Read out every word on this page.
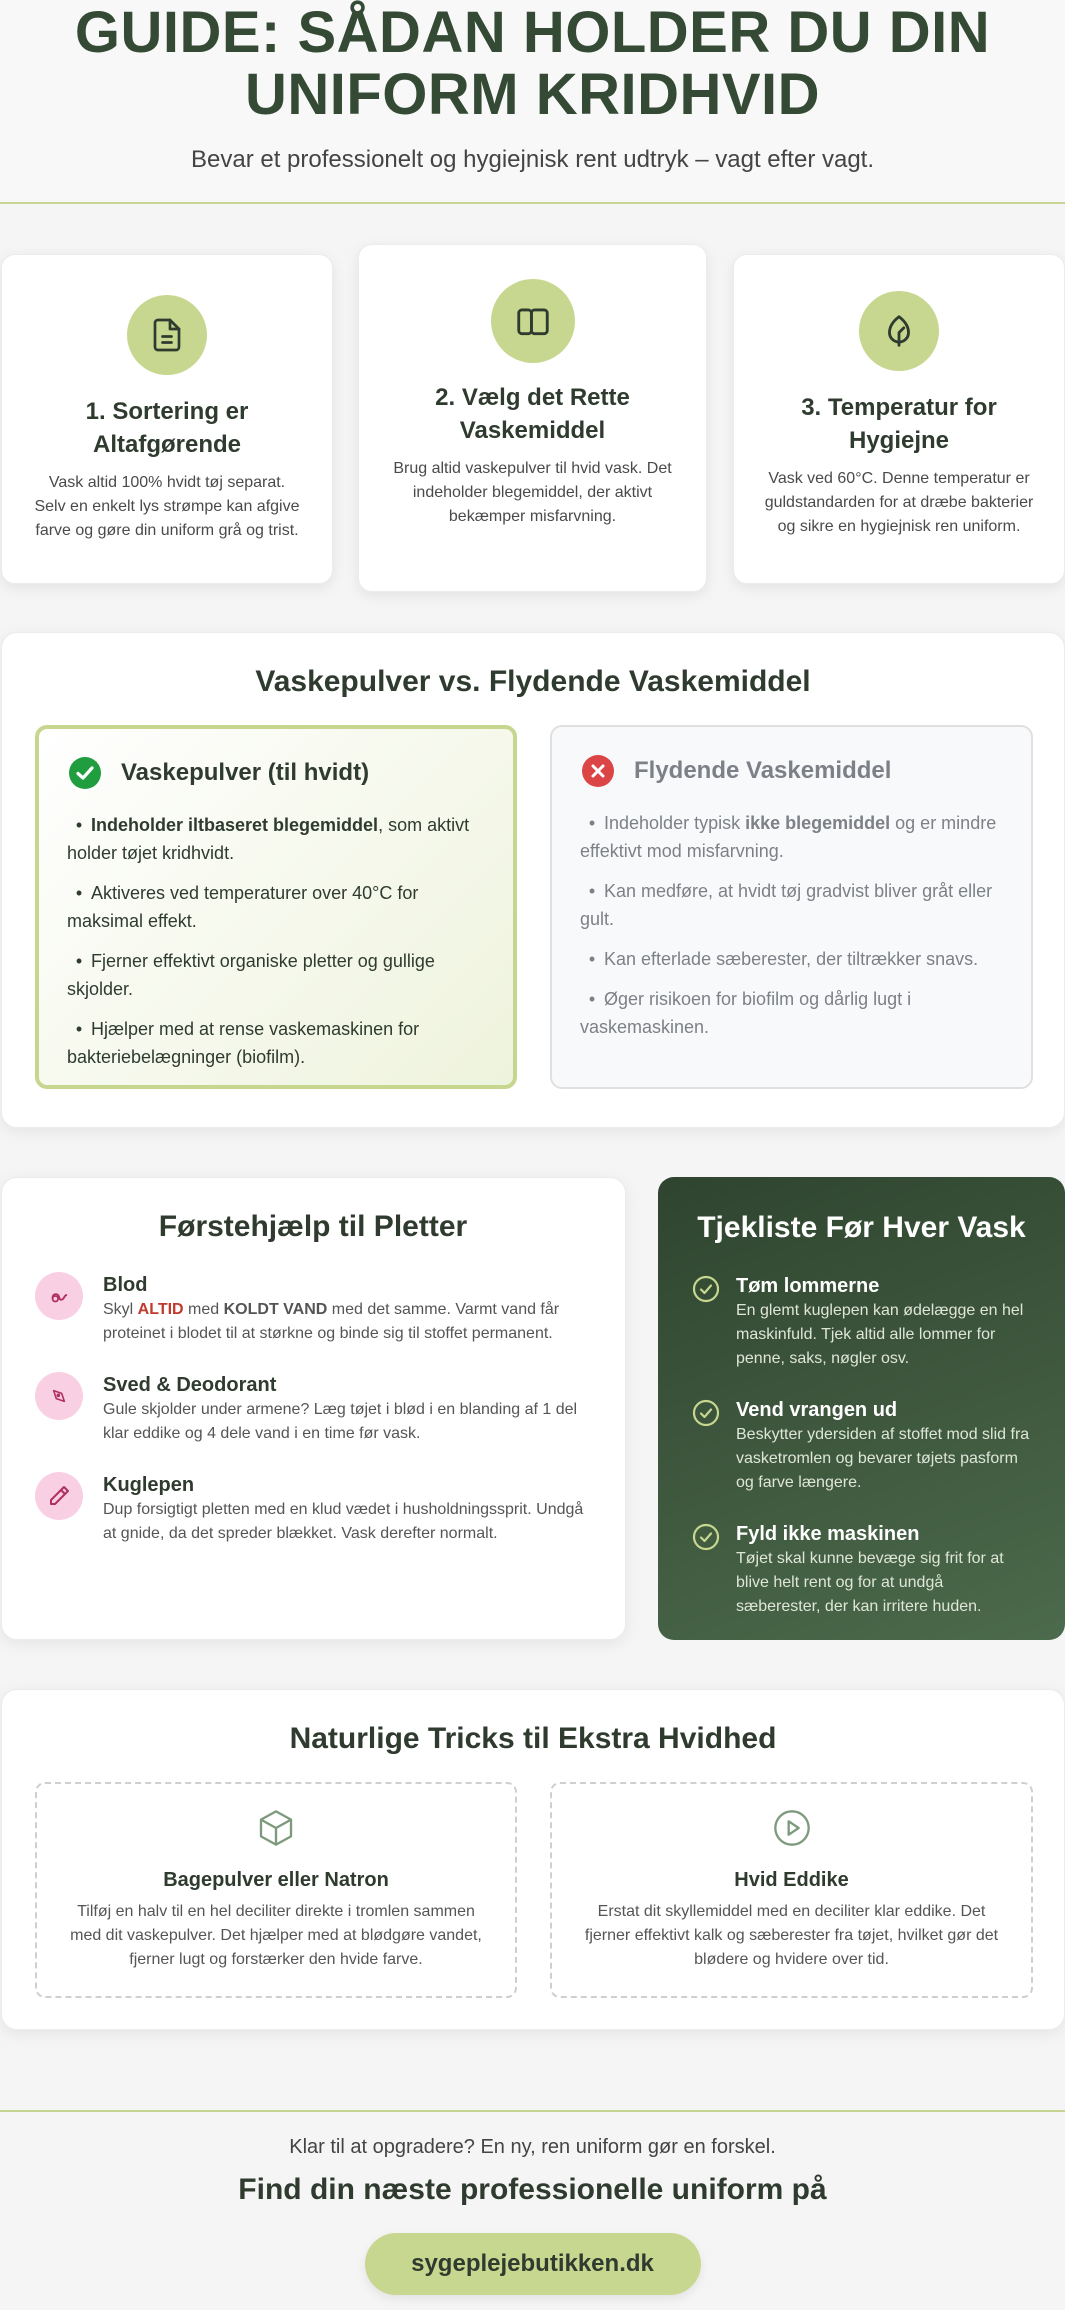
GUIDE: SÅDAN HOLDER DU DIN UNIFORM KRIDHVID

Bevar et professionelt og hygiejnisk rent udtryk – vagt efter vagt.

1. Sortering er Altafgørende

Vask altid 100% hvidt tøj separat. Selv en enkelt lys strømpe kan afgive farve og gøre din uniform grå og trist.

2. Vælg det Rette Vaskemiddel

Brug altid vaskepulver til hvid vask. Det indeholder blegemiddel, der aktivt bekæmper misfarvning.

3. Temperatur for Hygiejne

Vask ved 60°C. Denne temperatur er guldstandarden for at dræbe bakterier og sikre en hygiejnisk ren uniform.

Vaskepulver vs. Flydende Vaskemiddel
Vaskepulver (til hvidt)
• Indeholder iltbaseret blegemiddel, som aktivt holder tøjet kridhvidt.
• Aktiveres ved temperaturer over 40°C for maksimal effekt.
• Fjerner effektivt organiske pletter og gullige skjolder.
• Hjælper med at rense vaskemaskinen for bakteriebelægninger (biofilm).
Flydende Vaskemiddel
• Indeholder typisk ikke blegemiddel og er mindre effektivt mod misfarvning.
• Kan medføre, at hvidt tøj gradvist bliver gråt eller gult.
• Kan efterlade sæberester, der tiltrækker snavs.
• Øger risikoen for biofilm og dårlig lugt i vaskemaskinen.
Førstehjælp til Pletter
Blod

Skyl ALTID med KOLDT VAND med det samme. Varmt vand får proteinet i blodet til at størkne og binde sig til stoffet permanent.

Sved & Deodorant

Gule skjolder under armene? Læg tøjet i blød i en blanding af 1 del klar eddike og 4 dele vand i en time før vask.

Kuglepen

Dup forsigtigt pletten med en klud vædet i husholdningssprit. Undgå at gnide, da det spreder blækket. Vask derefter normalt.

Tjekliste Før Hver Vask
Tøm lommerne

En glemt kuglepen kan ødelægge en hel maskinfuld. Tjek altid alle lommer for penne, saks, nøgler osv.

Vend vrangen ud

Beskytter ydersiden af stoffet mod slid fra vasketromlen og bevarer tøjets pasform og farve længere.

Fyld ikke maskinen

Tøjet skal kunne bevæge sig frit for at blive helt rent og for at undgå sæberester, der kan irritere huden.

Naturlige Tricks til Ekstra Hvidhed
Bagepulver eller Natron

Tilføj en halv til en hel deciliter direkte i tromlen sammen med dit vaskepulver. Det hjælper med at blødgøre vandet, fjerner lugt og forstærker den hvide farve.

Hvid Eddike

Erstat dit skyllemiddel med en deciliter klar eddike. Det fjerner effektivt kalk og sæberester fra tøjet, hvilket gør det blødere og hvidere over tid.

Klar til at opgradere? En ny, ren uniform gør en forskel.

Find din næste professionelle uniform på
sygeplejebutikken.dk
